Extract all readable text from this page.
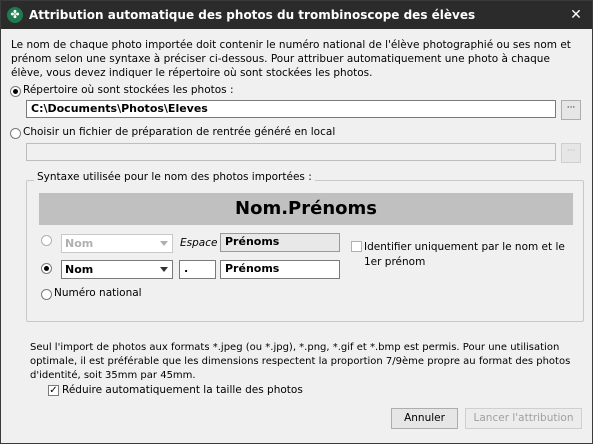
✤ Attribution automatique des photos du trombinoscope des élèves	✕
Le nom de chaque photo importée doit contenir le numéro national de l'élève photographié ou ses nom et prénom selon une syntaxe à préciser ci-dessous. Pour attribuer automatiquement une photo à chaque élève, vous devez indiquer le répertoire où sont stockées les photos.
Répertoire où sont stockées les photos :
C:\Documents\Photos\Eleves	···
Choisir un fichier de préparation de rentrée généré en local
···
Syntaxe utilisée pour le nom des photos importées :
Nom.Prénoms
Nom	Espace Prénoms
Nom	.	Prénoms
Numéro national
Identifier uniquement par le nom et le 1er prénom
Seul l'import de photos aux formats *.jpeg (ou *.jpg), *.png, *.gif et *.bmp est permis. Pour une utilisation optimale, il est préférable que les dimensions respectent la proportion 7/9ème propre au format des photos d'identité, soit 35mm par 45mm.
✓ Réduire automatiquement la taille des photos
Annuler	Lancer l'attribution
